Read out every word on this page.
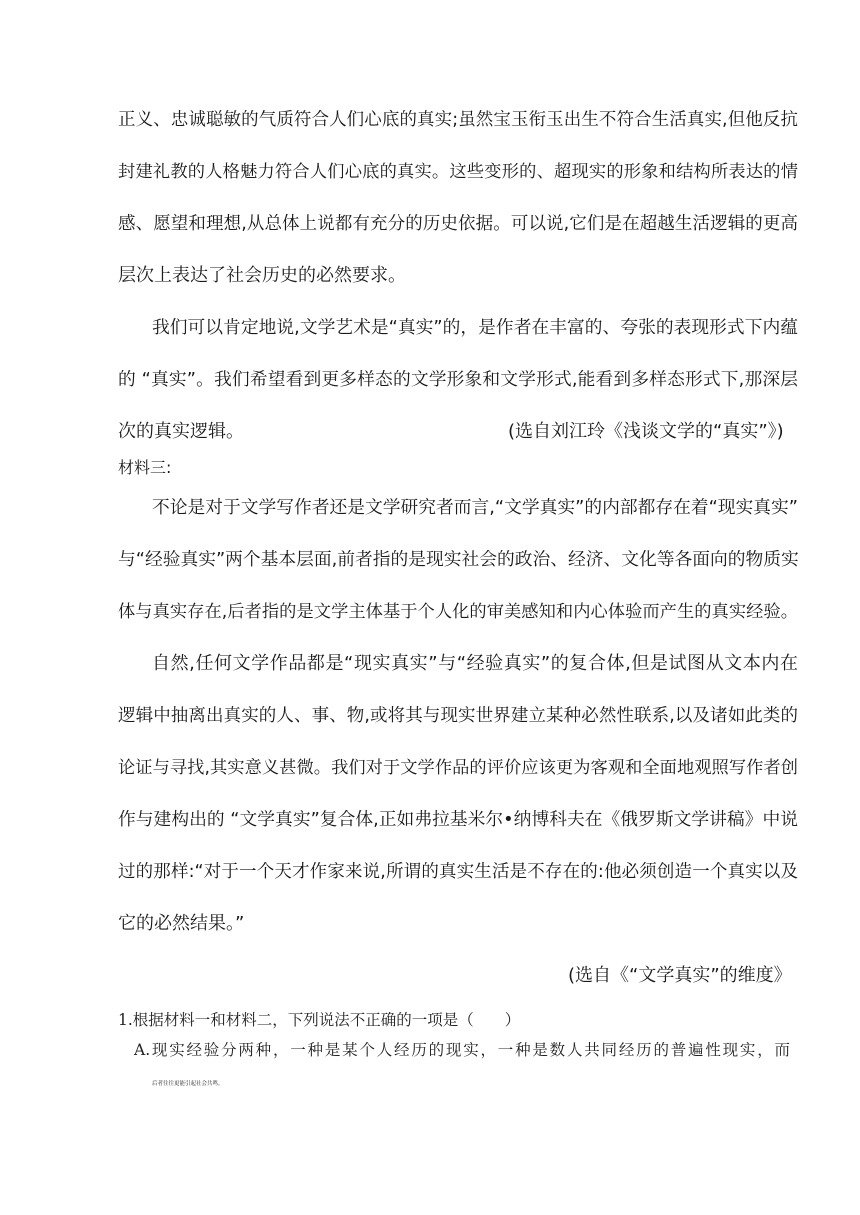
正义、忠诚聪敏的气质符合人们心底的真实;虽然宝玉衔玉出生不符合生活真实,但他反抗
封建礼教的人格魅力符合人们心底的真实。这些变形的、超现实的形象和结构所表达的情
感、愿望和理想,从总体上说都有充分的历史依据。可以说,它们是在超越生活逻辑的更高
层次上表达了社会历史的必然要求。
我们可以肯定地说,文学艺术是“真实”的，是作者在丰富的、夸张的表现形式下内蕴
的 “真实”。我们希望看到更多样态的文学形象和文学形式,能看到多样态形式下,那深层
次的真实逻辑。	(选自刘江玲《浅谈文学的“真实”》)
材料三:
不论是对于文学写作者还是文学研究者而言,“文学真实”的内部都存在着“现实真实”
与“经验真实”两个基本层面,前者指的是现实社会的政治、经济、文化等各面向的物质实
体与真实存在,后者指的是文学主体基于个人化的审美感知和内心体验而产生的真实经验。
自然,任何文学作品都是“现实真实”与“经验真实”的复合体,但是试图从文本内在
逻辑中抽离出真实的人、事、物,或将其与现实世界建立某种必然性联系,以及诸如此类的
论证与寻找,其实意义甚微。我们对于文学作品的评价应该更为客观和全面地观照写作者创
作与建构出的 “文学真实”复合体,正如弗拉基米尔•纳博科夫在《俄罗斯文学讲稿》中说
过的那样:“对于一个天才作家来说,所谓的真实生活是不存在的:他必须创造一个真实以及
它的必然结果。”
(选自《“文学真实”的维度》
1.根据材料一和材料二，下列说法不正确的一项是（　　）
A.现实经验分两种，一种是某个人经历的现实，一种是数人共同经历的普遍性现实，而
后者往往更能引起社会共鸣。
